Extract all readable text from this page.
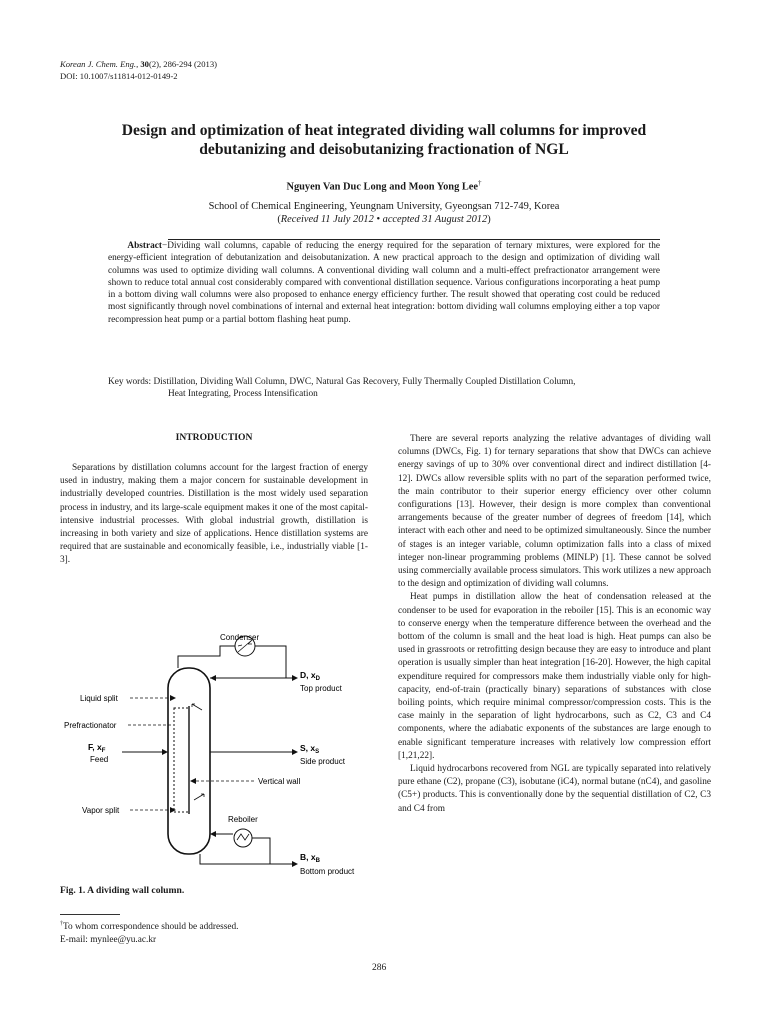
Korean J. Chem. Eng., 30(2), 286-294 (2013)
DOI: 10.1007/s11814-012-0149-2
Design and optimization of heat integrated dividing wall columns for improved
debutanizing and deisobutanizing fractionation of NGL
Nguyen Van Duc Long and Moon Yong Lee†
School of Chemical Engineering, Yeungnam University, Gyeongsan 712-749, Korea
(Received 11 July 2012 • accepted 31 August 2012)
Abstract−Dividing wall columns, capable of reducing the energy required for the separation of ternary mixtures, were explored for the energy-efficient integration of debutanization and deisobutanization. A new practical approach to the design and optimization of dividing wall columns was used to optimize dividing wall columns. A conventional dividing wall column and a multi-effect prefractionator arrangement were shown to reduce total annual cost considerably compared with conventional distillation sequence. Various configurations incorporating a heat pump in a bottom diving wall columns were also proposed to enhance energy efficiency further. The result showed that operating cost could be reduced most significantly through novel combinations of internal and external heat integration: bottom dividing wall columns employing either a top vapor recompression heat pump or a partial bottom flashing heat pump.
Key words: Distillation, Dividing Wall Column, DWC, Natural Gas Recovery, Fully Thermally Coupled Distillation Column,
Heat Integrating, Process Intensification
INTRODUCTION

Separations by distillation columns account for the largest fraction of energy used in industry, making them a major concern for sustainable development in industrially developed countries. Distillation is the most widely used separation process in industry, and its large-scale equipment makes it one of the most capital-intensive industrial processes. With global industrial growth, distillation is increasing in both variety and size of applications. Hence distillation systems are required that are sustainable and economically feasible, i.e., industrially viable [1-3].

Condenser
D, $x_D$
Top product
Liquid split
Prefractionator
F, $x_F$
Feed
S, $x_S$
Side product
Vertical wall
Vapor split
Reboiler
B, $x_B$
Bottom product
Fig. 1. A dividing wall column.
†To whom correspondence should be addressed.
E-mail: mynlee@yu.ac.kr

There are several reports analyzing the relative advantages of dividing wall columns (DWCs, Fig. 1) for ternary separations that show that DWCs can achieve energy savings of up to 30% over conventional direct and indirect distillation [4-12]. DWCs allow reversible splits with no part of the separation performed twice, the main contributor to their superior energy efficiency over other column configurations [13]. However, their design is more complex than conventional arrangements because of the greater number of degrees of freedom [14], which interact with each other and need to be optimized simultaneously. Since the number of stages is an integer variable, column optimization falls into a class of mixed integer non-linear programming problems (MINLP) [1]. These cannot be solved using commercially available process simulators. This work utilizes a new approach to the design and optimization of dividing wall columns.

Heat pumps in distillation allow the heat of condensation released at the condenser to be used for evaporation in the reboiler [15]. This is an economic way to conserve energy when the temperature difference between the overhead and the bottom of the column is small and the heat load is high. Heat pumps can also be used in grassroots or retrofitting design because they are easy to introduce and plant operation is usually simpler than heat integration [16-20]. However, the high capital expenditure required for compressors make them industrially viable only for high-capacity, end-of-train (practically binary) separations of substances with close boiling points, which require minimal compressor/compression costs. This is the case mainly in the separation of light hydrocarbons, such as C2, C3 and C4 components, where the adiabatic exponents of the substances are large enough to enable significant temperature increases with relatively low compression effort [1,21,22].

Liquid hydrocarbons recovered from NGL are typically separated into relatively pure ethane (C2), propane (C3), isobutane (iC4), normal butane (nC4), and gasoline (C5+) products. This is conventionally done by the sequential distillation of C2, C3 and C4 from

286
